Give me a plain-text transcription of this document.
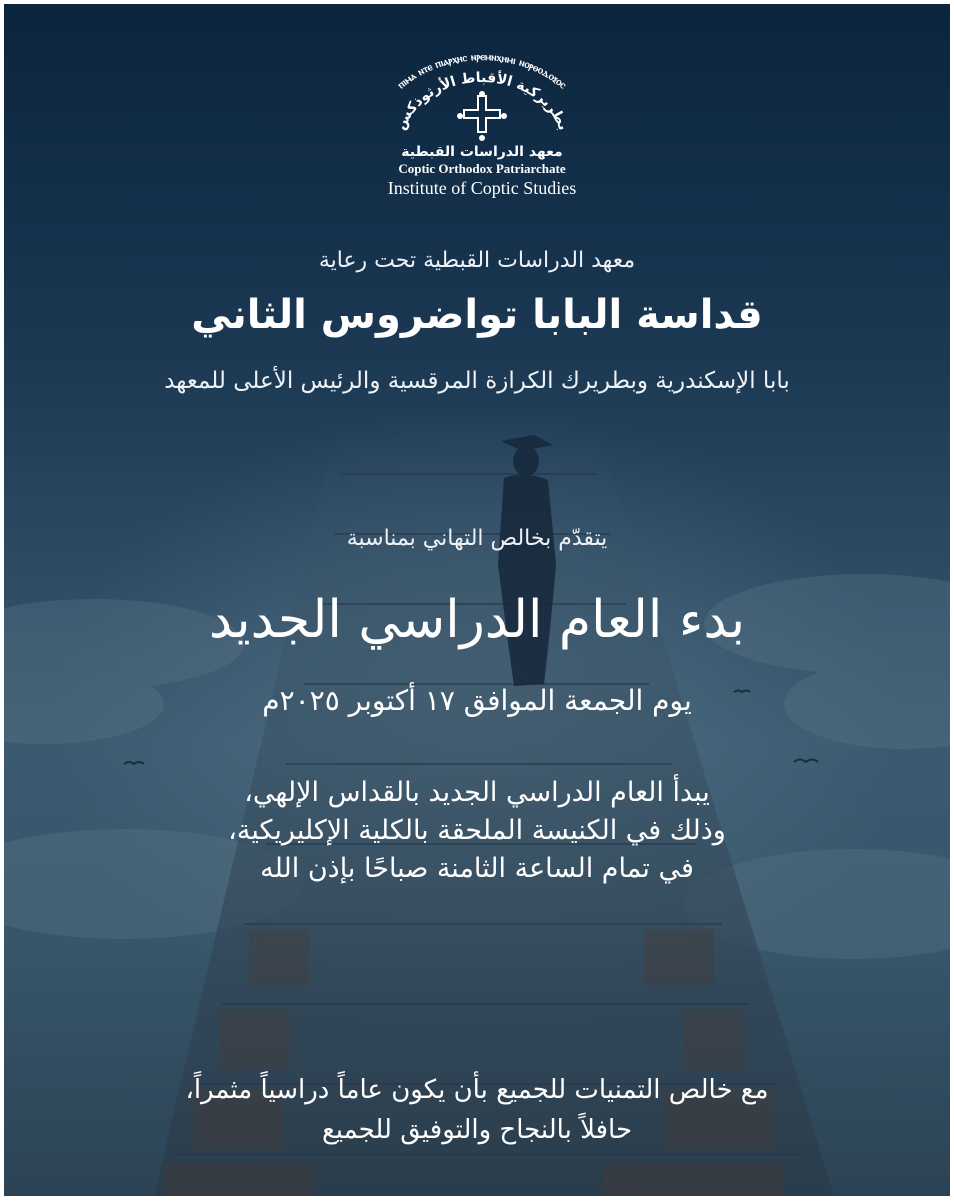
ⲡⲓⲙⲁ ⲛⲧⲉ ⲡⲓⲁⲣⲭⲏⲥ ⲛⲣⲉⲙⲛⲭⲏⲙⲓ ⲛⲟⲣⲑⲟⲇⲟⲝⲟⲥ
بطريركية الأقباط الأرثوذكس
معهد الدراسات القبطية
Coptic Orthodox Patriarchate
Institute of Coptic Studies
معهد الدراسات القبطية تحت رعاية
قداسة البابا تواضروس الثاني
بابا الإسكندرية وبطريرك الكرازة المرقسية والرئيس الأعلى للمعهد
يتقدّم بخالص التهاني بمناسبة
بدء العام الدراسي الجديد
يوم الجمعة الموافق ١٧ أكتوبر ٢٠٢٥م
يبدأ العام الدراسي الجديد بالقداس الإلهي،
وذلك في الكنيسة الملحقة بالكلية الإكليريكية،
في تمام الساعة الثامنة صباحًا بإذن الله
مع خالص التمنيات للجميع بأن يكون عاماً دراسياً مثمراً،
حافلاً بالنجاح والتوفيق للجميع
